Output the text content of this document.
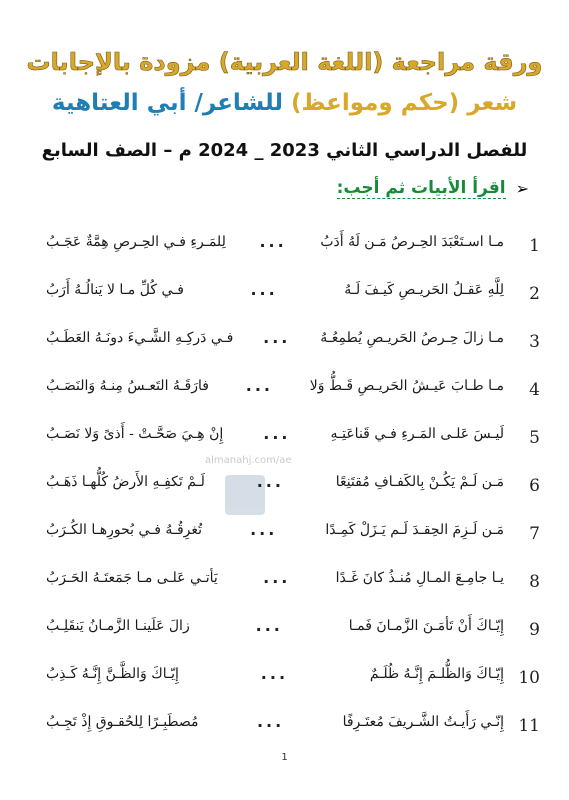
ورقة مراجعة (اللغة العربية) مزودة بالإجابات
شعر (حكم ومواعظ) للشاعر/ أبي العتاهية
للفصل الدراسي الثاني 2023 _ 2024 م – الصف السابع
➢
اقرأ الأبيات ثم أجب:
almanahj.com/ae
1
مـا اسـتَعْبَدَ الحِـرصُ مَـن لَهُ أَدَبُ
...
لِلمَـرءِ فـي الحِـرصِ هِمَّةٌ عَجَـبُ
2
لِلَّهِ عَقـلُ الحَريـصِ كَيـفَ لَـهُ
...
فـي كُلِّ مـا لا يَنالُـهُ أَرَبُ
3
مـا زالَ حِـرصُ الحَريـصِ يُطمِعُـهُ
...
فـي دَركِـهِ الشَّـيءَ دونَـهُ العَطَـبُ
4
مـا طـابَ عَيـشُ الحَريـصِ قَـطُّ وَلا
...
فارَقَـهُ التَعـسُ مِنـهُ وَالنَصَـبُ
5
لَيـسَ عَلـى المَـرءِ فـي قَناعَتِـهِ
...
إِنْ هِـيَ صَحَّـتْ - أَذىً وَلا نَصَـبُ
6
مَـن لَـمْ يَكُـنْ بِالكَفـافِ مُقتَنِعًا
...
لَـمْ تَكفِـهِ الأَرضُ كُلُّهـا ذَهَـبُ
7
مَـن لَـزِمَ الحِقـدَ لَـم يَـزَلْ كَمِـدًا
...
تُغرِقُـهُ فـي بُحورِهـا الكُـرَبُ
8
يـا جامِـعَ المـالِ مُنـذُ كانَ غَـدًا
...
يَأتـي عَلـى مـا جَمَعتَـهُ الحَـرَبُ
9
إِيّـاكَ أَنْ تَأمَـنَ الزَّمـانَ فَمـا
...
زالَ عَلَينـا الزَّمـانُ يَنقَلِـبُ
10
إِيّـاكَ وَالظُّلـمَ إِنَّـهُ ظُلَـمٌ
...
إِيّـاكَ وَالظَّـنَّ إِنَّـهُ كَـذِبُ
11
إِنّـي رَأَيـتُ الشَّـريفَ مُعتَـرِفًا
...
مُصطَبِـرًا لِلحُقـوقِ إِذْ تَجِـبُ
1
